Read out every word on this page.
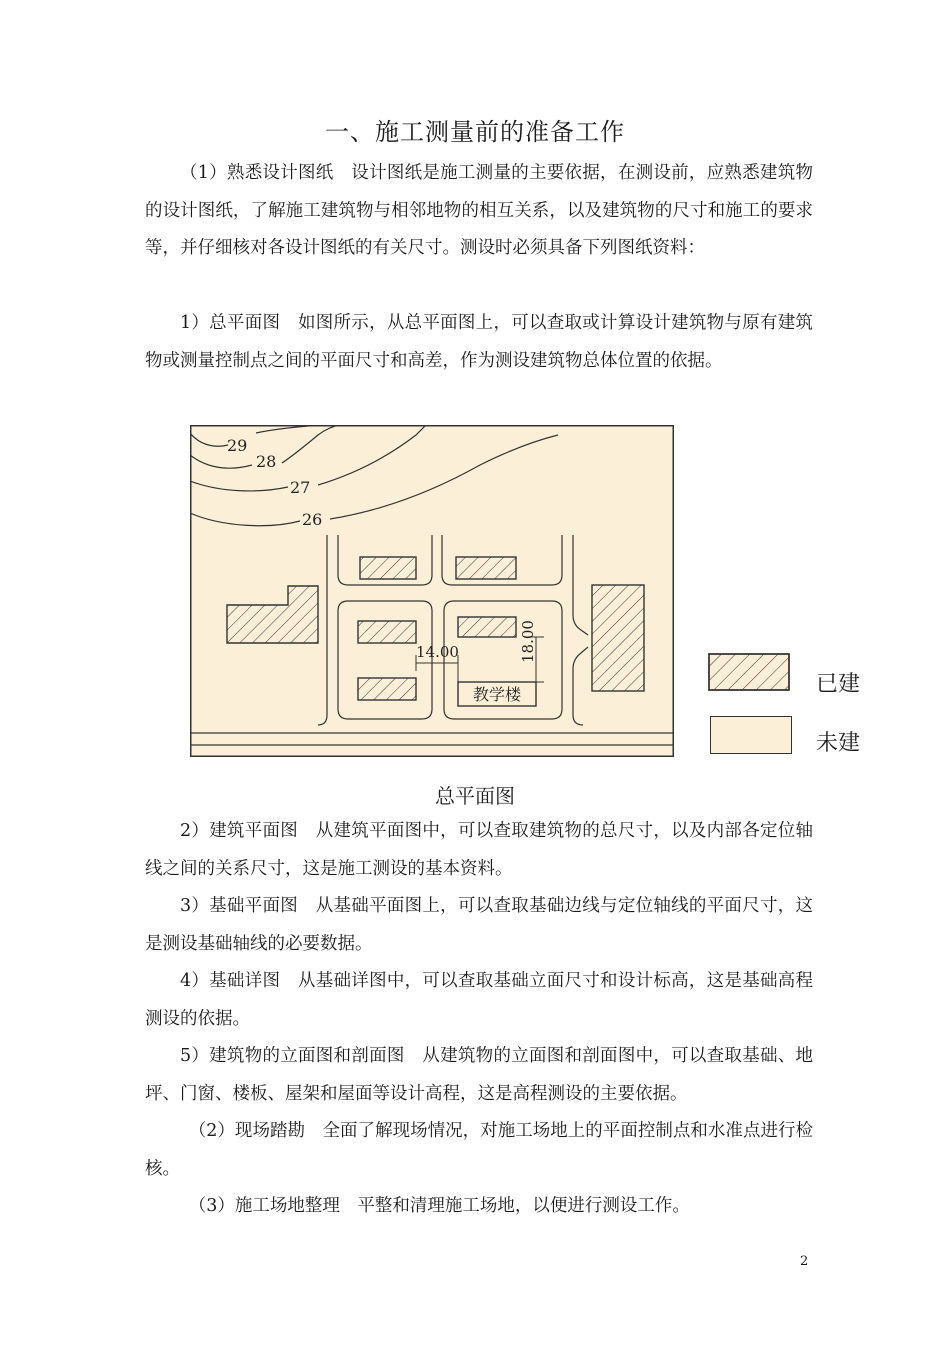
一、施工测量前的准备工作

（1）熟悉设计图纸　设计图纸是施工测量的主要依据，在测设前，应熟悉建筑物的设计图纸，了解施工建筑物与相邻地物的相互关系，以及建筑物的尺寸和施工的要求等，并仔细核对各设计图纸的有关尺寸。测设时必须具备下列图纸资料：

1）总平面图　如图所示，从总平面图上，可以查取或计算设计建筑物与原有建筑物或测量控制点之间的平面尺寸和高差，作为测设建筑物总体位置的依据。

29
28
27
26
教学楼
14.00	18.00
已建
未建
总平面图

2）建筑平面图　从建筑平面图中，可以查取建筑物的总尺寸，以及内部各定位轴线之间的关系尺寸，这是施工测设的基本资料。

3）基础平面图　从基础平面图上，可以查取基础边线与定位轴线的平面尺寸，这是测设基础轴线的必要数据。

4）基础详图　从基础详图中，可以查取基础立面尺寸和设计标高，这是基础高程测设的依据。

5）建筑物的立面图和剖面图　从建筑物的立面图和剖面图中，可以查取基础、地坪、门窗、楼板、屋架和屋面等设计高程，这是高程测设的主要依据。

（2）现场踏勘　全面了解现场情况，对施工场地上的平面控制点和水准点进行检核。

（3）施工场地整理　平整和清理施工场地，以便进行测设工作。

2
